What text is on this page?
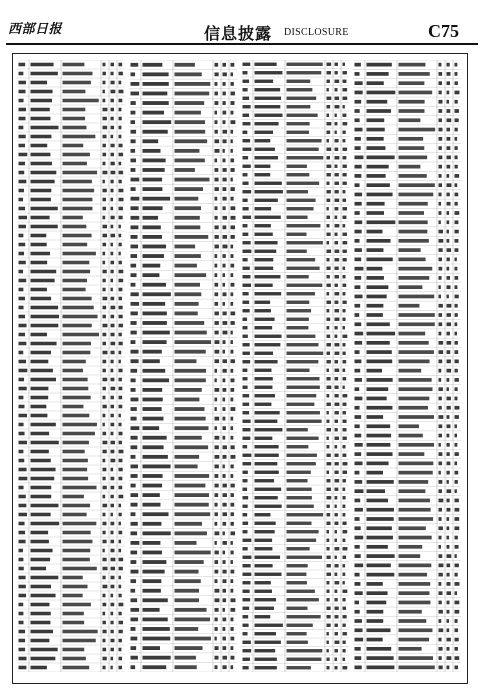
西部日报	信息披露 DISCLOSURE	C75
